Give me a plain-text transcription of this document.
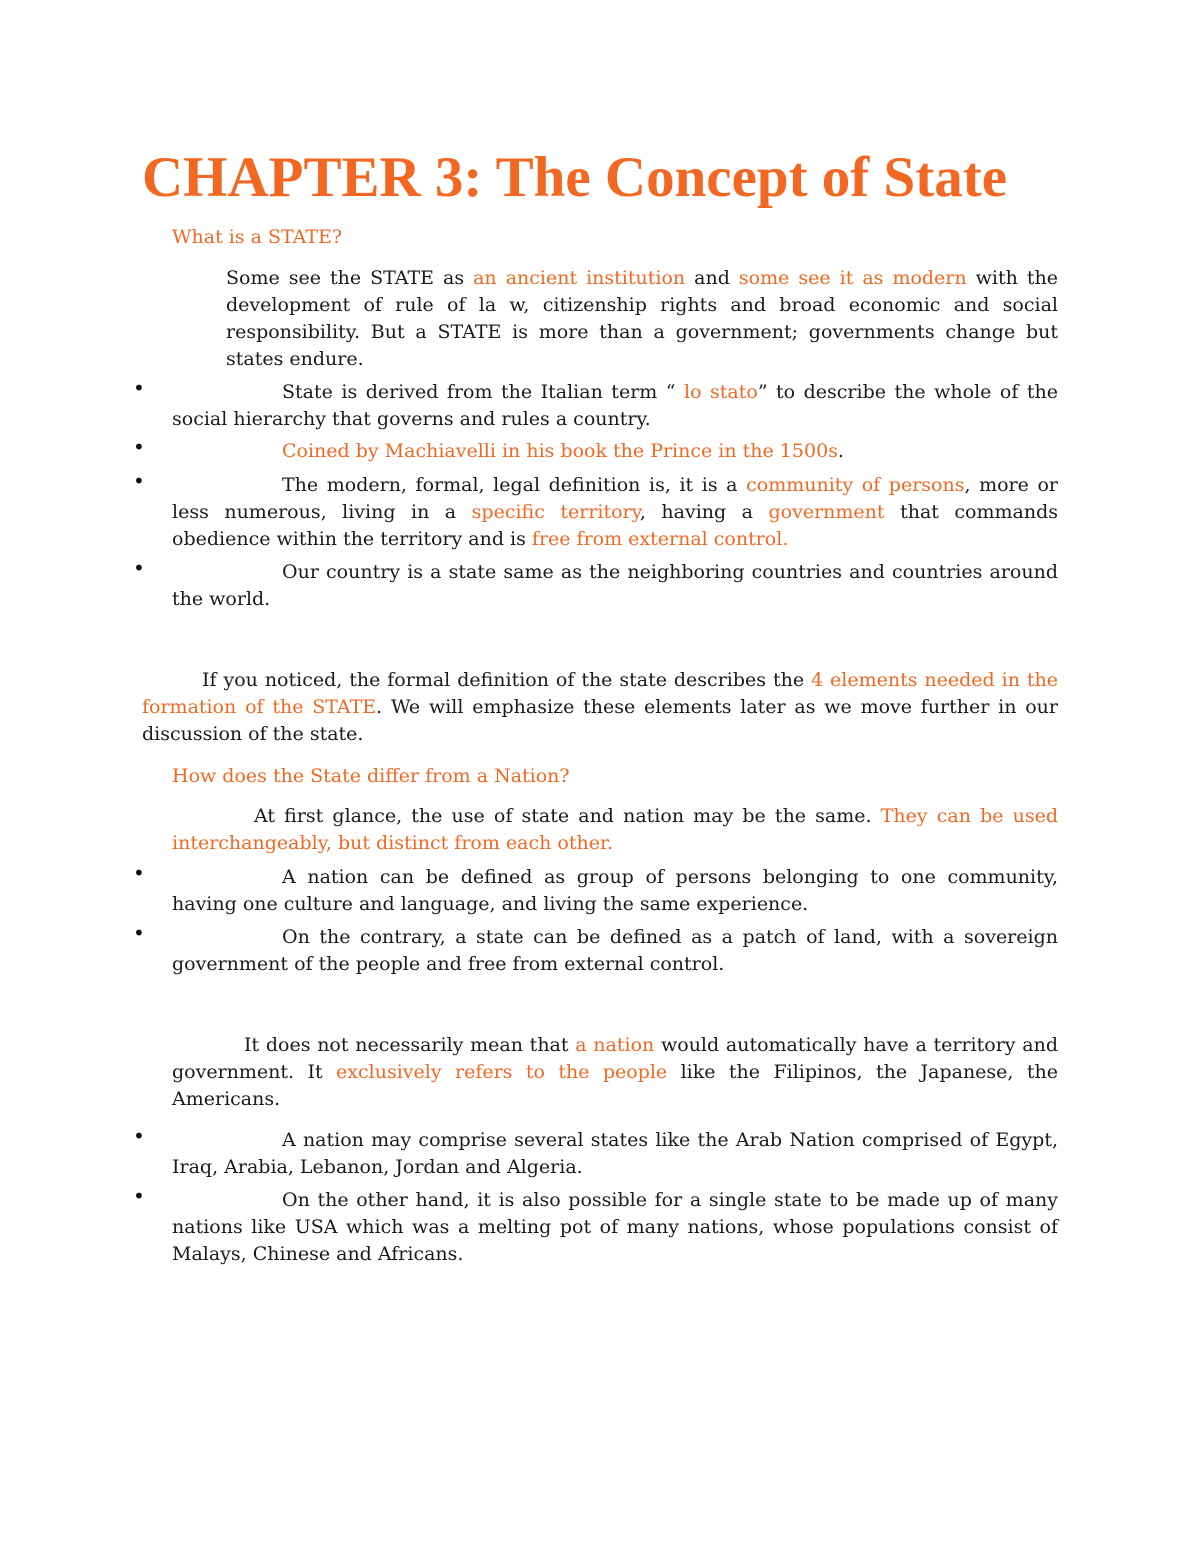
CHAPTER 3: The Concept of State

What is a STATE?

Some see the STATE as an ancient institution and some see it as modern with the development of rule of la w, citizenship rights and broad economic and social responsibility. But a STATE is more than a government; governments change but states endure.

•	State is derived from the Italian term “ lo stato” to describe the whole of the social hierarchy that governs and rules a country.

•	Coined by Machiavelli in his book the Prince in the 1500s.

•	The modern, formal, legal definition is, it is a community of persons, more or less numerous, living in a specific territory, having a government that commands obedience within the territory and is free from external control.

•	Our country is a state same as the neighboring countries and countries around the world.

If you noticed, the formal definition of the state describes the 4 elements needed in the formation of the STATE. We will emphasize these elements later as we move further in our discussion of the state.

How does the State differ from a Nation?

At first glance, the use of state and nation may be the same. They can be used interchangeably, but distinct from each other.

•	A nation can be defined as group of persons belonging to one community, having one culture and language, and living the same experience.

•	On the contrary, a state can be defined as a patch of land, with a sovereign government of the people and free from external control.

It does not necessarily mean that a nation would automatically have a territory and government. It exclusively refers to the people like the Filipinos, the Japanese, the Americans.

•	A nation may comprise several states like the Arab Nation comprised of Egypt, Iraq, Arabia, Lebanon, Jordan and Algeria.

•	On the other hand, it is also possible for a single state to be made up of many nations like USA which was a melting pot of many nations, whose populations consist of Malays, Chinese and Africans.
